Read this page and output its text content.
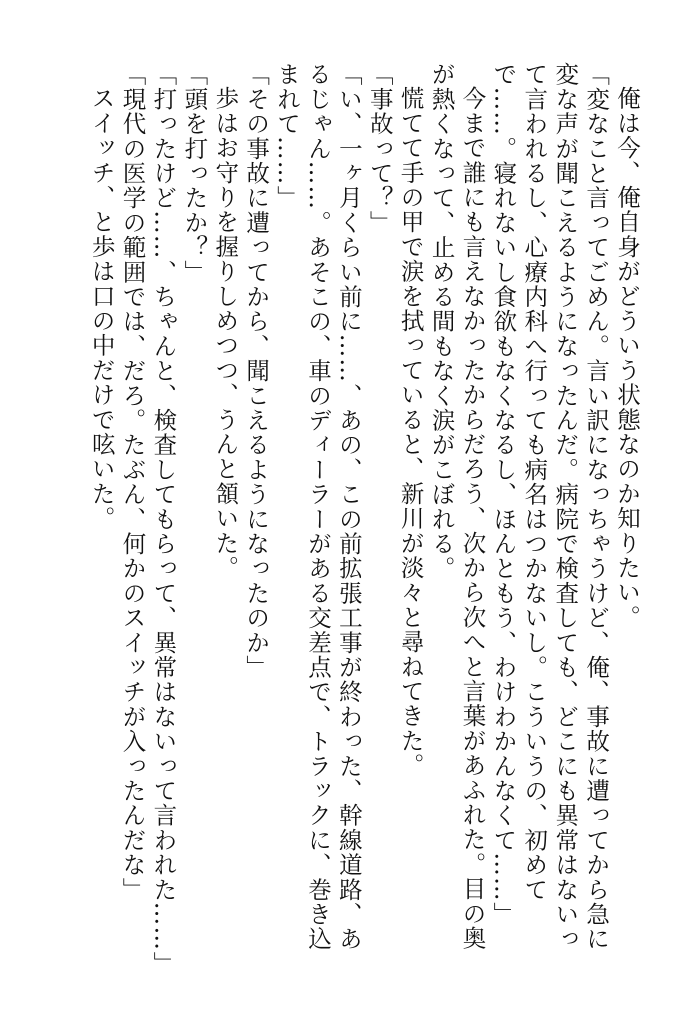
俺は今、俺自身がどういう状態なのか知りたい。

「変なこと言ってごめん。言い訳になっちゃうけど、俺、事故に遭ってから急に変な声が聞こえるようになったんだ。病院で検査しても、どこにも異常はないって言われるし、心療内科へ行っても病名はつかないし。こういうの、初めてで……。寝れないし食欲もなくなるし、ほんともう、わけわかんなくて……」

今まで誰にも言えなかったからだろう、次から次へと言葉があふれた。目の奥が熱くなって、止める間もなく涙がこぼれる。

慌てて手の甲で涙を拭っていると、新川が淡々と尋ねてきた。

「事故って？」

「い、一ヶ月くらい前に……、あの、この前拡張工事が終わった、幹線道路、あるじゃん……。あそこの、車のディーラーがある交差点で、トラックに、巻き込まれて……」

「その事故に遭ってから、聞こえるようになったのか」

歩はお守りを握りしめつつ、うんと頷いた。

「頭を打ったか？」

「打ったけど……、ちゃんと、検査してもらって、異常はないって言われた……」

「現代の医学の範囲では、だろ。たぶん、何かのスイッチが入ったんだな」

スイッチ、と歩は口の中だけで呟いた。
